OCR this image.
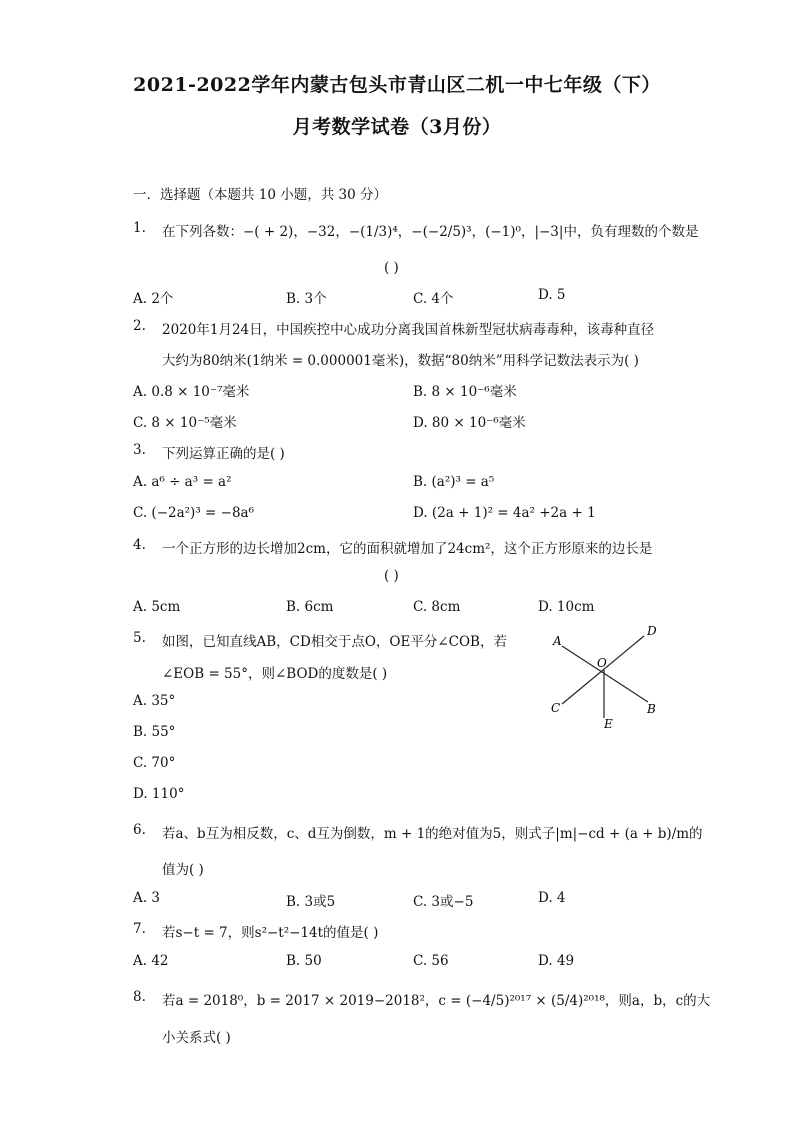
2021-2022学年内蒙古包头市青山区二机一中七年级（下）
月考数学试卷（3月份）
一．选择题（本题共 10 小题，共 30 分）
1. 在下列各数：−( + 2)，−32，−(1/3)⁴，−(−2/5)³，(−1)⁰，|−3|中，负有理数的个数是
( )
A. 2个	B. 3个	C. 4个	D. 5
2. 2020年1月24日，中国疾控中心成功分离我国首株新型冠状病毒毒种，该毒种直径
大约为80纳米(1纳米 = 0.000001毫米)，数据“80纳米”用科学记数法表示为( )
A. 0.8 × 10⁻⁷毫米	B. 8 × 10⁻⁶毫米
C. 8 × 10⁻⁵毫米	D. 80 × 10⁻⁶毫米
3. 下列运算正确的是( )
A. a⁶ ÷ a³ = a²	B. (a²)³ = a⁵
C. (−2a²)³ = −8a⁶	D. (2a + 1)² = 4a² +2a + 1
4. 一个正方形的边长增加2cm，它的面积就增加了24cm²，这个正方形原来的边长是
( )
A. 5cm	B. 6cm	C. 8cm	D. 10cm
5. 如图，已知直线AB，CD相交于点O，OE平分∠COB，若
∠EOB = 55°，则∠BOD的度数是( )
A. 35°
B. 55°
C. 70°
D. 110°
A
D
O
C
E
B
6. 若a、b互为相反数，c、d互为倒数，m + 1的绝对值为5，则式子|m|−cd + (a + b)/m的
值为( )
A. 3	B. 3或5	C. 3或−5	D. 4
7. 若s−t = 7，则s²−t²−14t的值是( )
A. 42	B. 50	C. 56	D. 49
8. 若a = 2018⁰，b = 2017 × 2019−2018²，c = (−4/5)²⁰¹⁷ × (5/4)²⁰¹⁸，则a，b，c的大
小关系式( )
